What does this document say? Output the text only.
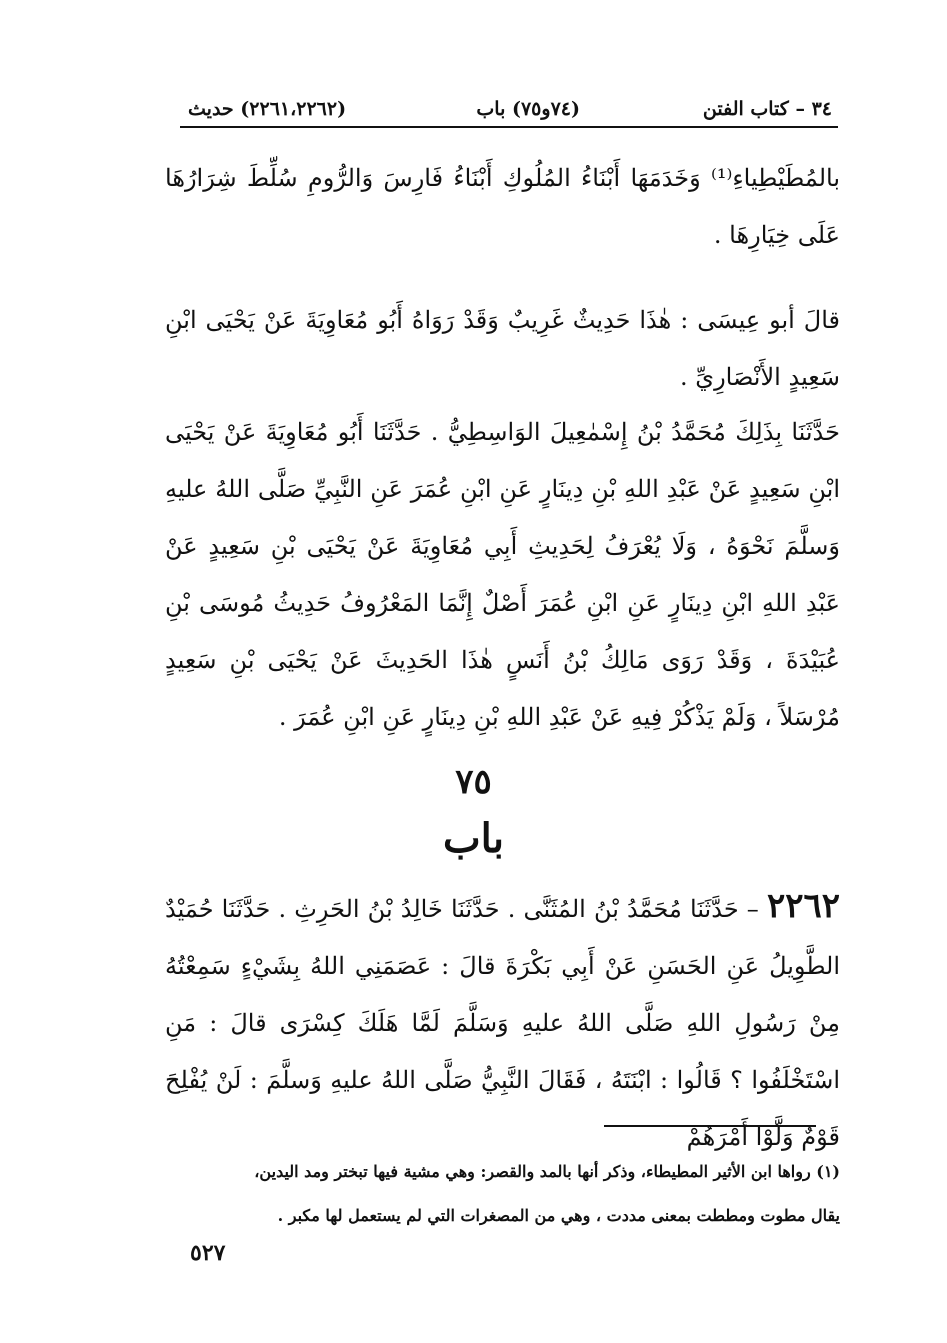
٣٤ – كتاب الفتن
(٧٤و٧٥) باب
(٢٢٦١،٢٢٦٢) حديث

بالمُطَيْطِياءِ⁽¹⁾ وَخَدَمَهَا أَبْنَاءُ المُلُوكِ أَبْنَاءُ فَارِسَ وَالرُّومِ سُلِّطَ شِرَارُهَا عَلَى خِيَارِهَا .

قالَ أبو عِيسَى : هٰذَا حَدِيثٌ غَرِيبٌ وَقَدْ رَوَاهُ أَبُو مُعَاوِيَةَ عَنْ يَحْيَى ابْنِ سَعِيدٍ الأَنْصَارِيِّ .

حَدَّثَنَا بِذَلِكَ مُحَمَّدُ بْنُ إِسْمٰعِيلَ الوَاسِطِيُّ . حَدَّثَنَا أَبُو مُعَاوِيَةَ عَنْ يَحْيَى ابْنِ سَعِيدٍ عَنْ عَبْدِ اللهِ بْنِ دِينَارٍ عَنِ ابْنِ عُمَرَ عَنِ النَّبِيِّ صَلَّى اللهُ عليهِ وَسلَّمَ نَحْوَهُ ، وَلَا يُعْرَفُ لِحَدِيثِ أَبِي مُعَاوِيَةَ عَنْ يَحْيَى بْنِ سَعِيدٍ عَنْ عَبْدِ اللهِ ابْنِ دِينَارٍ عَنِ ابْنِ عُمَرَ أَصْلٌ إِنَّمَا المَعْرُوفُ حَدِيثُ مُوسَى بْنِ عُبَيْدَةَ ، وَقَدْ رَوَى مَالِكُ بْنُ أَنَسٍ هٰذَا الحَدِيثَ عَنْ يَحْيَى بْنِ سَعِيدٍ مُرْسَلاً ، وَلَمْ يَذْكُرْ فِيهِ عَنْ عَبْدِ اللهِ بْنِ دِينَارٍ عَنِ ابْنِ عُمَرَ .

٧٥
باب

٢٢٦٢ – حَدَّثَنَا مُحَمَّدُ بْنُ المُثَنَّى . حَدَّثَنَا خَالِدُ بْنُ الحَرِثِ . حَدَّثَنَا حُمَيْدٌ الطَّوِيلُ عَنِ الحَسَنِ عَنْ أَبِي بَكْرَةَ قالَ : عَصَمَنِي اللهُ بِشَيْءٍ سَمِعْتُهُ مِنْ رَسُولِ اللهِ صَلَّى اللهُ عليهِ وَسَلَّمَ لَمَّا هَلَكَ كِسْرَى قالَ : مَنِ اسْتَخْلَفُوا ؟ قَالُوا : ابْنَتَهُ ، فَقَالَ النَّبِيُّ صَلَّى اللهُ عليهِ وَسلَّمَ : لَنْ يُفْلِحَ قَوْمٌ وَلَّوْا أَمْرَهُمْ

(١) رواها ابن الأثير المطيطاء، وذكر أنها بالمد والقصر: وهي مشية فيها تبختر ومد اليدين،
يقال مطوت ومططت بمعنى مددت ، وهي من المصغرات التي لم يستعمل لها مكبر .
٥٢٧
